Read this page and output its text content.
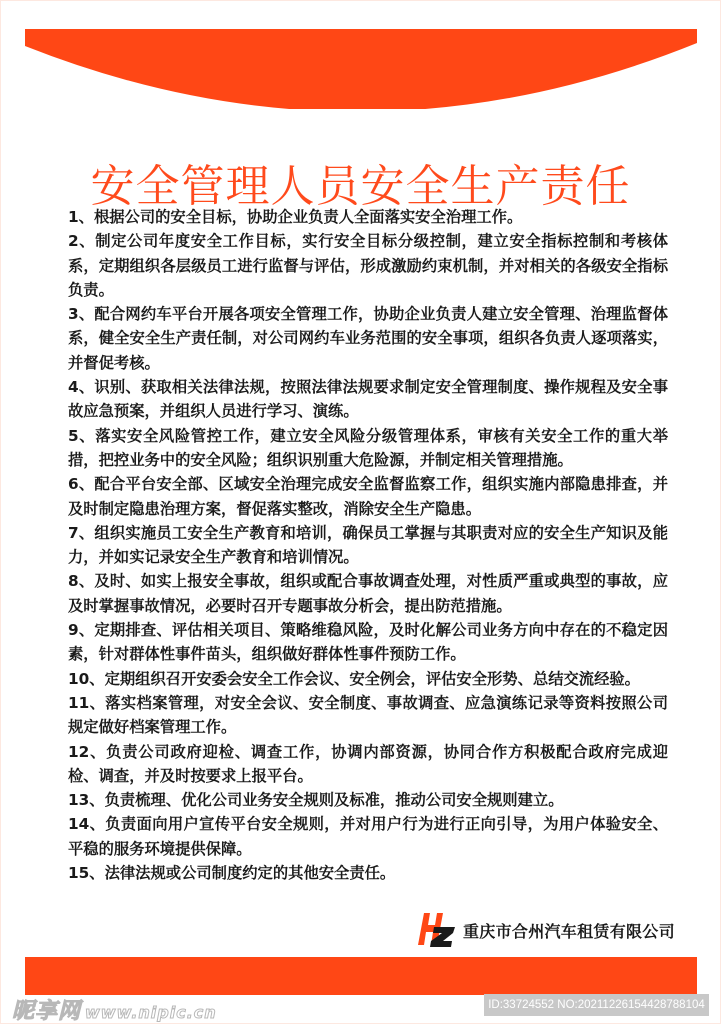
安全管理人员安全生产责任

1、根据公司的安全目标，协助企业负责人全面落实安全治理工作。

2、制定公司年度安全工作目标，实行安全目标分级控制，建立安全指标控制和考核体系，定期组织各层级员工进行监督与评估，形成激励约束机制，并对相关的各级安全指标负责。

3、配合网约车平台开展各项安全管理工作，协助企业负责人建立安全管理、治理监督体系，健全安全生产责任制，对公司网约车业务范围的安全事项，组织各负责人逐项落实，并督促考核。

4、识别、获取相关法律法规，按照法律法规要求制定安全管理制度、操作规程及安全事故应急预案，并组织人员进行学习、演练。

5、落实安全风险管控工作，建立安全风险分级管理体系，审核有关安全工作的重大举措，把控业务中的安全风险；组织识别重大危险源，并制定相关管理措施。

6、配合平台安全部、区域安全治理完成安全监督监察工作，组织实施内部隐患排查，并及时制定隐患治理方案，督促落实整改，消除安全生产隐患。

7、组织实施员工安全生产教育和培训，确保员工掌握与其职责对应的安全生产知识及能力，并如实记录安全生产教育和培训情况。

8、及时、如实上报安全事故，组织或配合事故调查处理，对性质严重或典型的事故，应及时掌握事故情况，必要时召开专题事故分析会，提出防范措施。

9、定期排查、评估相关项目、策略维稳风险，及时化解公司业务方向中存在的不稳定因素，针对群体性事件苗头，组织做好群体性事件预防工作。

10、定期组织召开安委会安全工作会议、安全例会，评估安全形势、总结交流经验。

11、落实档案管理，对安全会议、安全制度、事故调查、应急演练记录等资料按照公司规定做好档案管理工作。

12、负责公司政府迎检、调查工作，协调内部资源，协同合作方积极配合政府完成迎检、调查，并及时按要求上报平台。

13、负责梳理、优化公司业务安全规则及标准，推动公司安全规则建立。

14、负责面向用户宣传平台安全规则，并对用户行为进行正向引导，为用户体验安全、平稳的服务环境提供保障。

15、法律法规或公司制度约定的其他安全责任。

重庆市合州汽车租赁有限公司
昵享网 www.nipic.cn	ID:33724552 NO:20211226154428788104
